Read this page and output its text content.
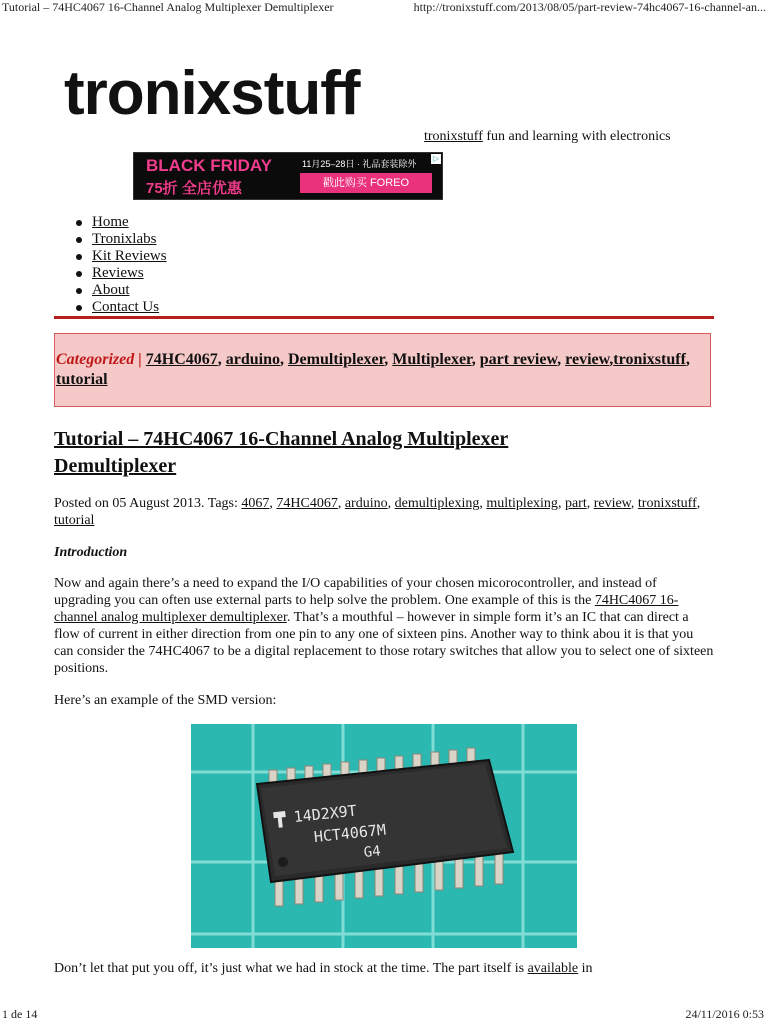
Tutorial – 74HC4067 16-Channel Analog Multiplexer Demultiplexer	http://tronixstuff.com/2013/08/05/part-review-74hc4067-16-channel-an...
tronixstuff
tronixstuff fun and learning with electronics
BLACK FRIDAY
75折 全店优惠
11月25–28日 · 礼品套装除外
戳此购买 FOREO
▷
Home
Tronixlabs
Kit Reviews
Reviews
About
Contact Us
Categorized | 74HC4067, arduino, Demultiplexer, Multiplexer, part review, review,tronixstuff, tutorial
Tutorial – 74HC4067 16-Channel Analog Multiplexer
Demultiplexer
Posted on 05 August 2013. Tags: 4067, 74HC4067, arduino, demultiplexing, multiplexing, part, review, tronixstuff, tutorial
Introduction
Now and again there’s a need to expand the I/O capabilities of your chosen micorocontroller, and instead of upgrading you can often use external parts to help solve the problem. One example of this is the 74HC4067 16-channel analog multiplexer demultiplexer. That’s a mouthful – however in simple form it’s an IC that can direct a flow of current in either direction from one pin to any one of sixteen pins. Another way to think abou it is that you can consider the 74HC4067 to be a digital replacement to those rotary switches that allow you to select one of sixteen positions.
Here’s an example of the SMD version:
14D2X9T
HCT4067M
G4
Don’t let that put you off, it’s just what we had in stock at the time. The part itself is available in
1 de 14	24/11/2016 0:53
